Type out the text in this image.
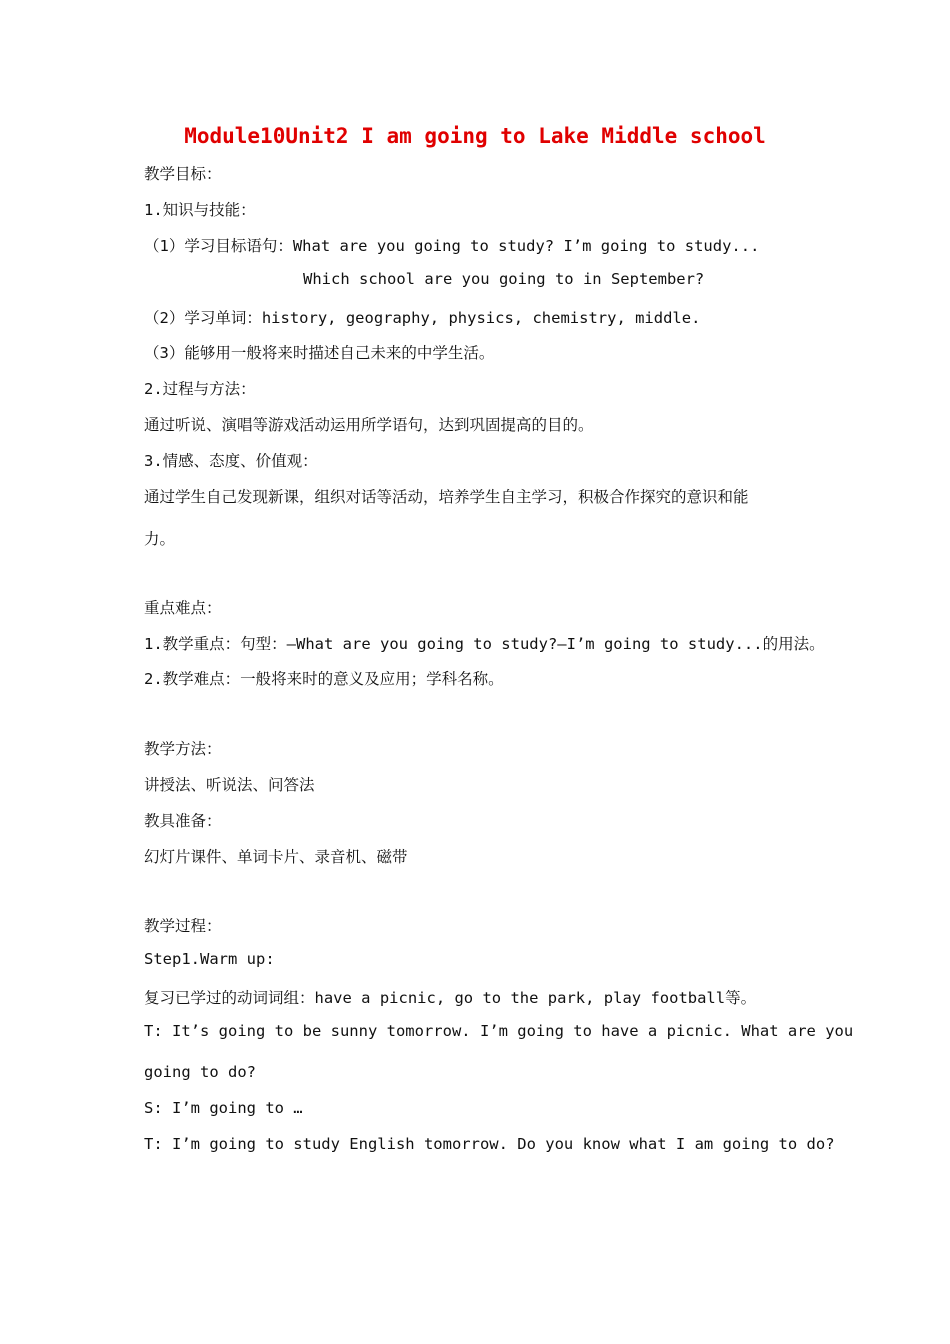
Module10Unit2 I am going to Lake Middle school
教学目标：
1.知识与技能：
（1）学习目标语句：What are you going to study? I’m going to study...
Which school are you going to in September?
（2）学习单词：history, geography, physics, chemistry, middle.
（3）能够用一般将来时描述自己未来的中学生活。
2.过程与方法：
通过听说、演唱等游戏活动运用所学语句，达到巩固提高的目的。
3.情感、态度、价值观：
通过学生自己发现新课，组织对话等活动，培养学生自主学习，积极合作探究的意识和能
力。
重点难点：
1.教学重点：句型：—What are you going to study?—I’m going to study...的用法。
2.教学难点：一般将来时的意义及应用；学科名称。
教学方法：
讲授法、听说法、问答法
教具准备：
幻灯片课件、单词卡片、录音机、磁带
教学过程：
Step1.Warm up:
复习已学过的动词词组：have a picnic, go to the park, play football等。
T: It’s going to be sunny tomorrow. I’m going to have a picnic. What are you
going to do?
S: I’m going to …
T: I’m going to study English tomorrow. Do you know what I am going to do?
